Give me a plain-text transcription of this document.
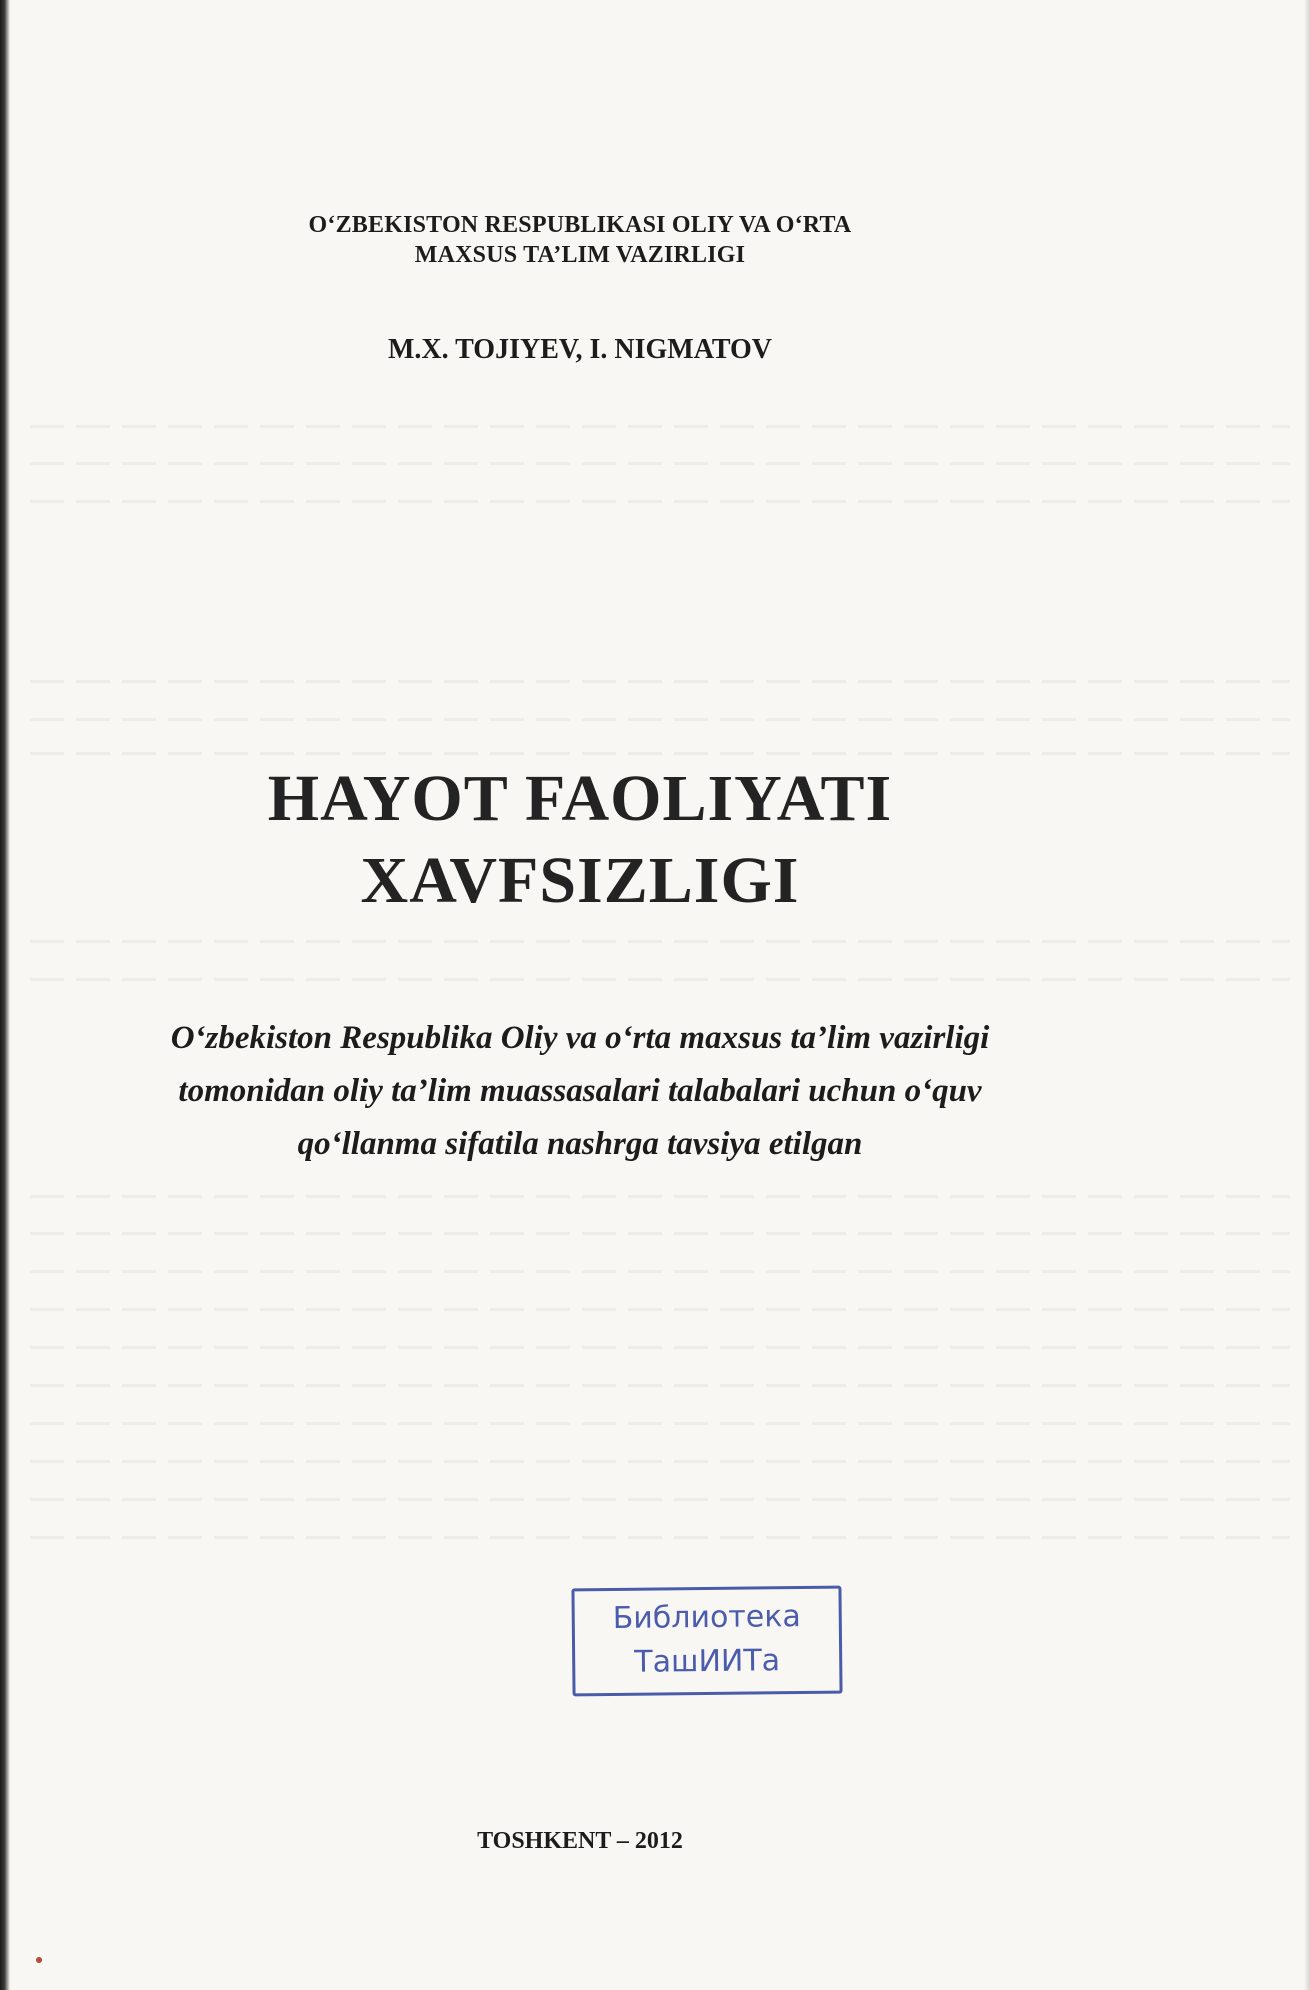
O‘ZBEKISTON RESPUBLIKASI OLIY VA O‘RTA
MAXSUS TA’LIM VAZIRLIGI
M.X. TOJIYEV, I. NIGMATOV
HAYOT FAOLIYATI
XAVFSIZLIGI
O‘zbekiston Respublika Oliy va o‘rta maxsus ta’lim vazirligi
tomonidan oliy ta’lim muassasalari talabalari uchun o‘quv
qo‘llanma sifatila nashrga tavsiya etilgan
Библиотека
ТашИИТа
TOSHKENT – 2012
